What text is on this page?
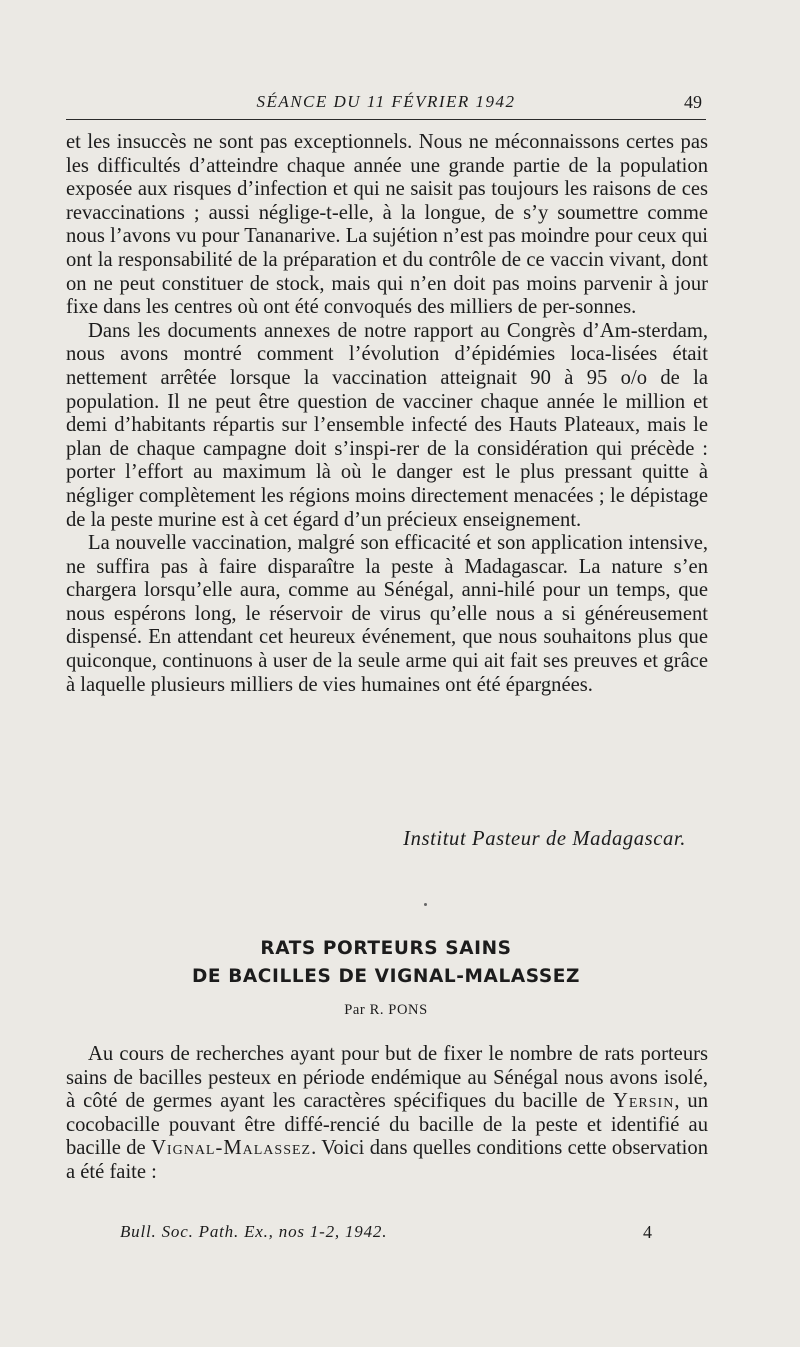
SÉANCE DU 11 FÉVRIER 1942	49

et les insuccès ne sont pas exceptionnels. Nous ne méconnaissons certes pas les difficultés d’atteindre chaque année une grande partie de la population exposée aux risques d’infection et qui ne saisit pas toujours les raisons de ces revaccinations ; aussi néglige-t-elle, à la longue, de s’y soumettre comme nous l’avons vu pour Tananarive. La sujétion n’est pas moindre pour ceux qui ont la responsabilité de la préparation et du contrôle de ce vaccin vivant, dont on ne peut constituer de stock, mais qui n’en doit pas moins parvenir à jour fixe dans les centres où ont été convoqués des milliers de per-sonnes.

Dans les documents annexes de notre rapport au Congrès d’Am-sterdam, nous avons montré comment l’évolution d’épidémies loca-lisées était nettement arrêtée lorsque la vaccination atteignait 90 à 95 o/o de la population. Il ne peut être question de vacciner chaque année le million et demi d’habitants répartis sur l’ensemble infecté des Hauts Plateaux, mais le plan de chaque campagne doit s’inspi-rer de la considération qui précède : porter l’effort au maximum là où le danger est le plus pressant quitte à négliger complètement les régions moins directement menacées ; le dépistage de la peste murine est à cet égard d’un précieux enseignement.

La nouvelle vaccination, malgré son efficacité et son application intensive, ne suffira pas à faire disparaître la peste à Madagascar. La nature s’en chargera lorsqu’elle aura, comme au Sénégal, anni-hilé pour un temps, que nous espérons long, le réservoir de virus qu’elle nous a si généreusement dispensé. En attendant cet heureux événement, que nous souhaitons plus que quiconque, continuons à user de la seule arme qui ait fait ses preuves et grâce à laquelle plusieurs milliers de vies humaines ont été épargnées.

Institut Pasteur de Madagascar.
RATS PORTEURS SAINS
DE BACILLES DE VIGNAL-MALASSEZ
Par R. PONS

Au cours de recherches ayant pour but de fixer le nombre de rats porteurs sains de bacilles pesteux en période endémique au Sénégal nous avons isolé, à côté de germes ayant les caractères spécifiques du bacille de Yersin, un cocobacille pouvant être diffé-rencié du bacille de la peste et identifié au bacille de Vignal-Malassez. Voici dans quelles conditions cette observation a été faite :

Bull. Soc. Path. Ex., nos 1-2, 1942.	4
